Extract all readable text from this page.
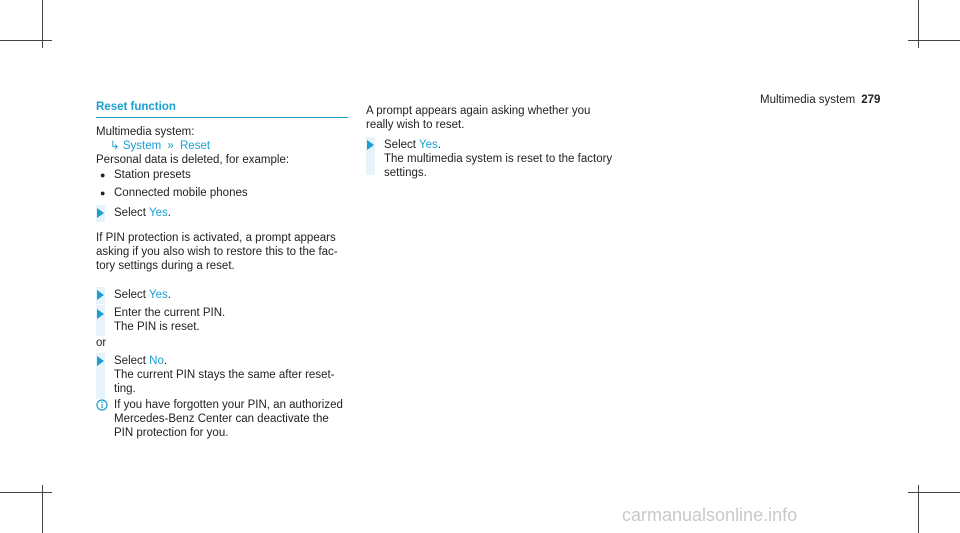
Multimedia system 279
Reset function
Multimedia system:
↳ System » Reset
Personal data is deleted, for example:
● Station presets
● Connected mobile phones
Select Yes.
If PIN protection is activated, a prompt appears
asking if you also wish to restore this to the fac-
tory settings during a reset.
Select Yes.
Enter the current PIN.
The PIN is reset.
or
Select No.
The current PIN stays the same after reset-
ting.
If you have forgotten your PIN, an authorized
Mercedes-Benz Center can deactivate the
PIN protection for you.
A prompt appears again asking whether you
really wish to reset.
Select Yes.
The multimedia system is reset to the factory
settings.
carmanualsonline.info
